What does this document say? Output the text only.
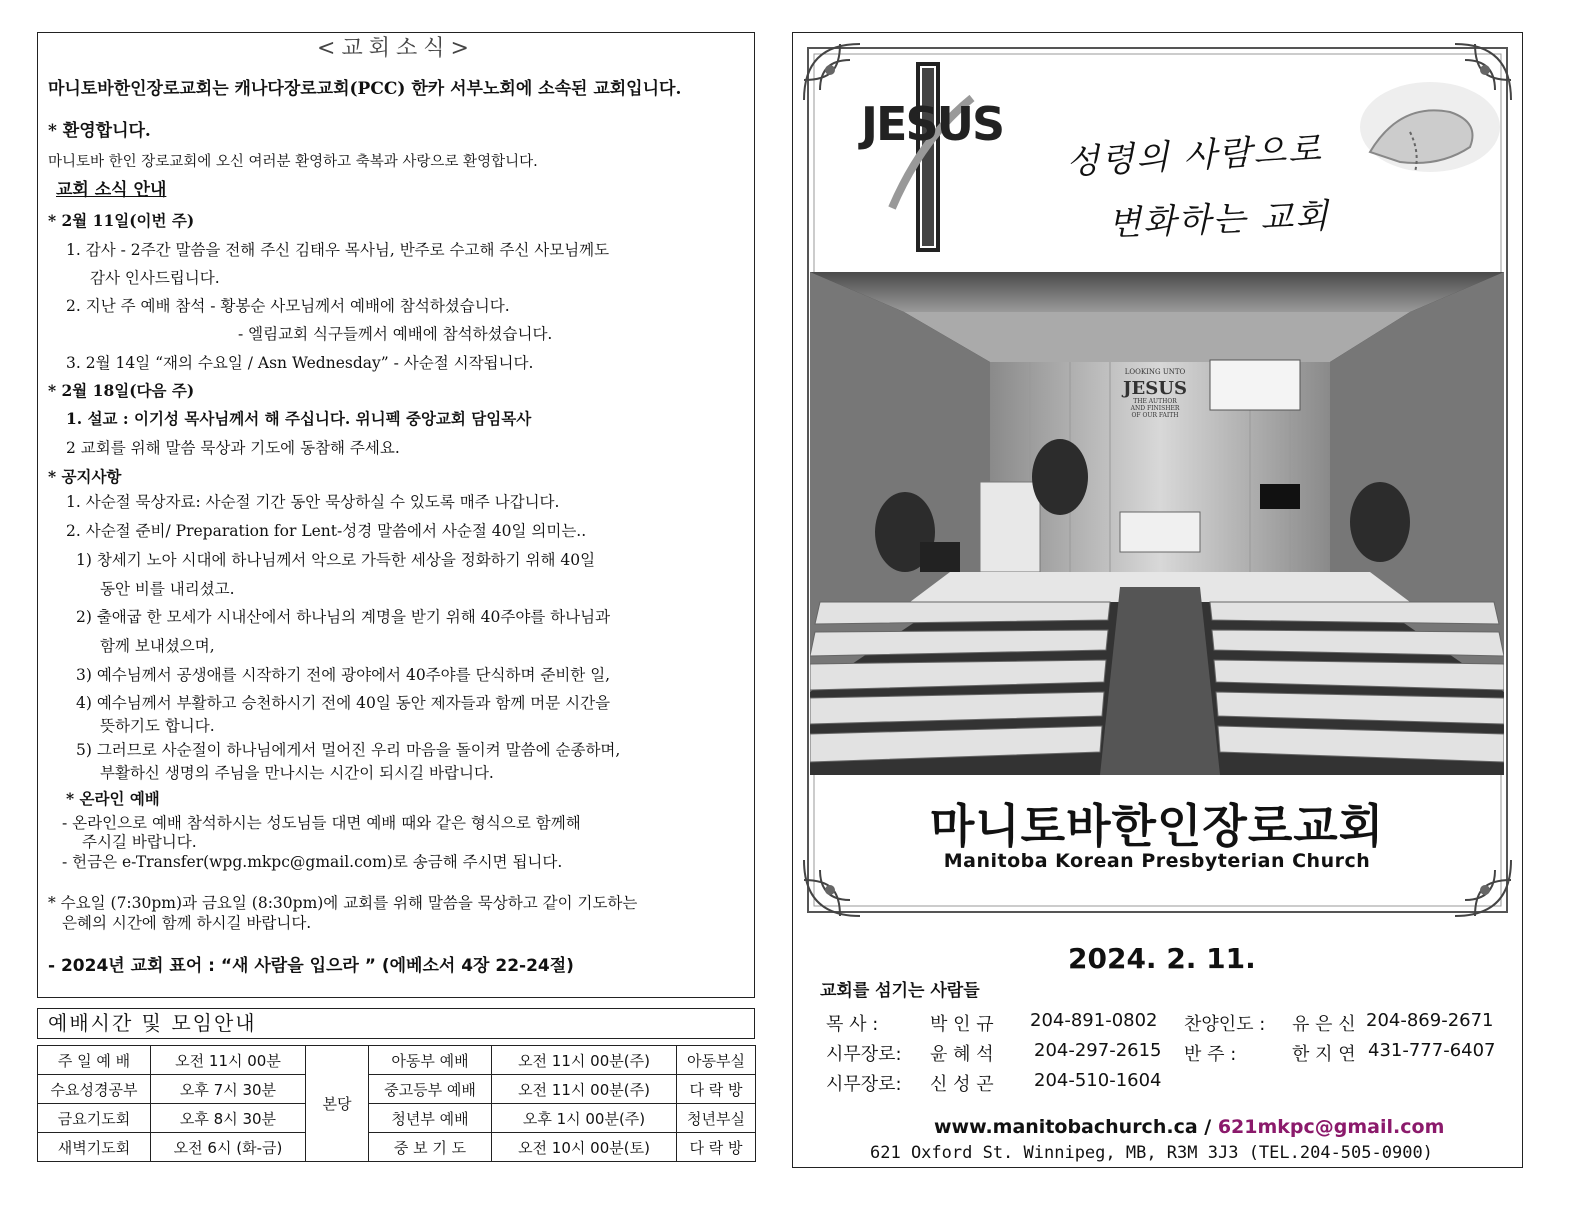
<교회소식>
마니토바한인장로교회는 캐나다장로교회(PCC) 한카 서부노회에 소속된 교회입니다.
* 환영합니다.
마니토바 한인 장로교회에 오신 여러분 환영하고 축복과 사랑으로 환영합니다.
교회 소식 안내
* 2월 11일(이번 주)
1. 감사 - 2주간 말씀을 전해 주신 김태우 목사님, 반주로 수고해 주신 사모님께도
감사 인사드립니다.
2. 지난 주 예배 참석 - 황봉순 사모님께서 예배에 참석하셨습니다.
- 엘림교회 식구들께서 예배에 참석하셨습니다.
3. 2월 14일 “재의 수요일 / Asn Wednesday” - 사순절 시작됩니다.
* 2월 18일(다음 주)
1. 설교 : 이기성 목사님께서 해 주십니다. 위니펙 중앙교회 담임목사
2 교회를 위해 말씀 묵상과 기도에 동참해 주세요.
* 공지사항
1. 사순절 묵상자료: 사순절 기간 동안 묵상하실 수 있도록 매주 나갑니다.
2. 사순절 준비/ Preparation for Lent-성경 말씀에서 사순절 40일 의미는..
1) 창세기 노아 시대에 하나님께서 악으로 가득한 세상을 정화하기 위해 40일
동안 비를 내리셨고.
2) 출애굽 한 모세가 시내산에서 하나님의 계명을 받기 위해 40주야를 하나님과
함께 보내셨으며,
3) 예수님께서 공생애를 시작하기 전에 광야에서 40주야를 단식하며 준비한 일,
4) 예수님께서 부활하고 승천하시기 전에 40일 동안 제자들과 함께 머문 시간을
뜻하기도 합니다.
5) 그러므로 사순절이 하나님에게서 멀어진 우리 마음을 돌이켜 말씀에 순종하며,
부활하신 생명의 주님을 만나시는 시간이 되시길 바랍니다.
* 온라인 예배
- 온라인으로 예배 참석하시는 성도님들 대면 예배 때와 같은 형식으로 함께해
주시길 바랍니다.
- 헌금은 e-Transfer(wpg.mkpc@gmail.com)로 송금해 주시면 됩니다.
* 수요일 (7:30pm)과 금요일 (8:30pm)에 교회를 위해 말씀을 묵상하고 같이 기도하는
은혜의 시간에 함께 하시길 바랍니다.
- 2024년 교회 표어 : “새 사람을 입으라 ” (에베소서 4장 22-24절)
예배시간 및 모임안내
주 일 예 배	오전 11시 00분	본당	아동부 예배	오전 11시 00분(주)	아동부실
수요성경공부	오후 7시 30분		중고등부 예배	오전 11시 00분(주)	다 락 방
금요기도회	오후 8시 30분		청년부 예배	오후 1시 00분(주)	청년부실
새벽기도회	오전 6시 (화-금)		중 보 기 도	오전 10시 00분(토)	다 락 방
JESUS
성령의 사람으로
변화하는 교회
LOOKING UNTO
JESUS
THE AUTHOR
AND FINISHER
OF OUR FAITH
마니토바한인장로교회
Manitoba Korean Presbyterian Church
2024. 2. 11.
교회를 섬기는 사람들
목 사 :	박 인 규 204-891-0802 찬양인도 : 유 은 신 204-869-2671
시무장로: 윤 혜 석 204-297-2615 반 주 :	한 지 연 431-777-6407
시무장로: 신 성 곤 204-510-1604
www.manitobachurch.ca / 621mkpc@gmail.com
621 Oxford St. Winnipeg, MB, R3M 3J3 (TEL.204-505-0900)
